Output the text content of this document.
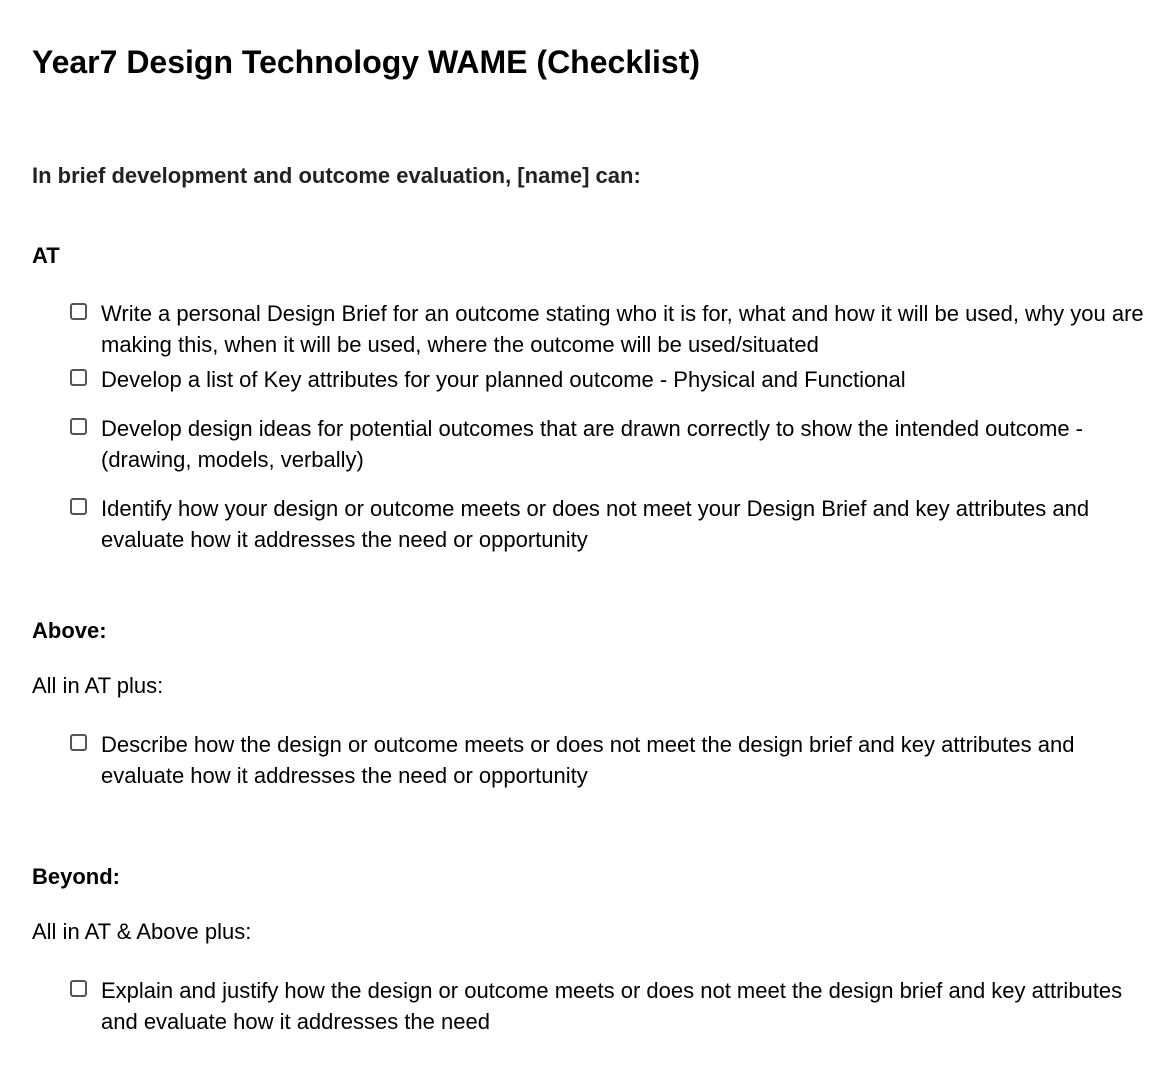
Year7 Design Technology WAME (Checklist)
In brief development and outcome evaluation, [name] can:
AT
Write a personal Design Brief for an outcome stating who it is for, what and how it will be used, why you are making this, when it will be used, where the outcome will be used/situated
Develop a list of Key attributes for your planned outcome - Physical and Functional
Develop design ideas for potential outcomes that are drawn correctly to show the intended outcome - (drawing, models, verbally)
Identify how your design or outcome meets or does not meet your Design Brief and key attributes and evaluate how it addresses the need or opportunity
Above:
All in AT plus:
Describe how the design or outcome meets or does not meet the design brief and key attributes and evaluate how it addresses the need or opportunity
Beyond:
All in AT & Above plus:
Explain and justify how the design or outcome meets or does not meet the design brief and key attributes and evaluate how it addresses the need
